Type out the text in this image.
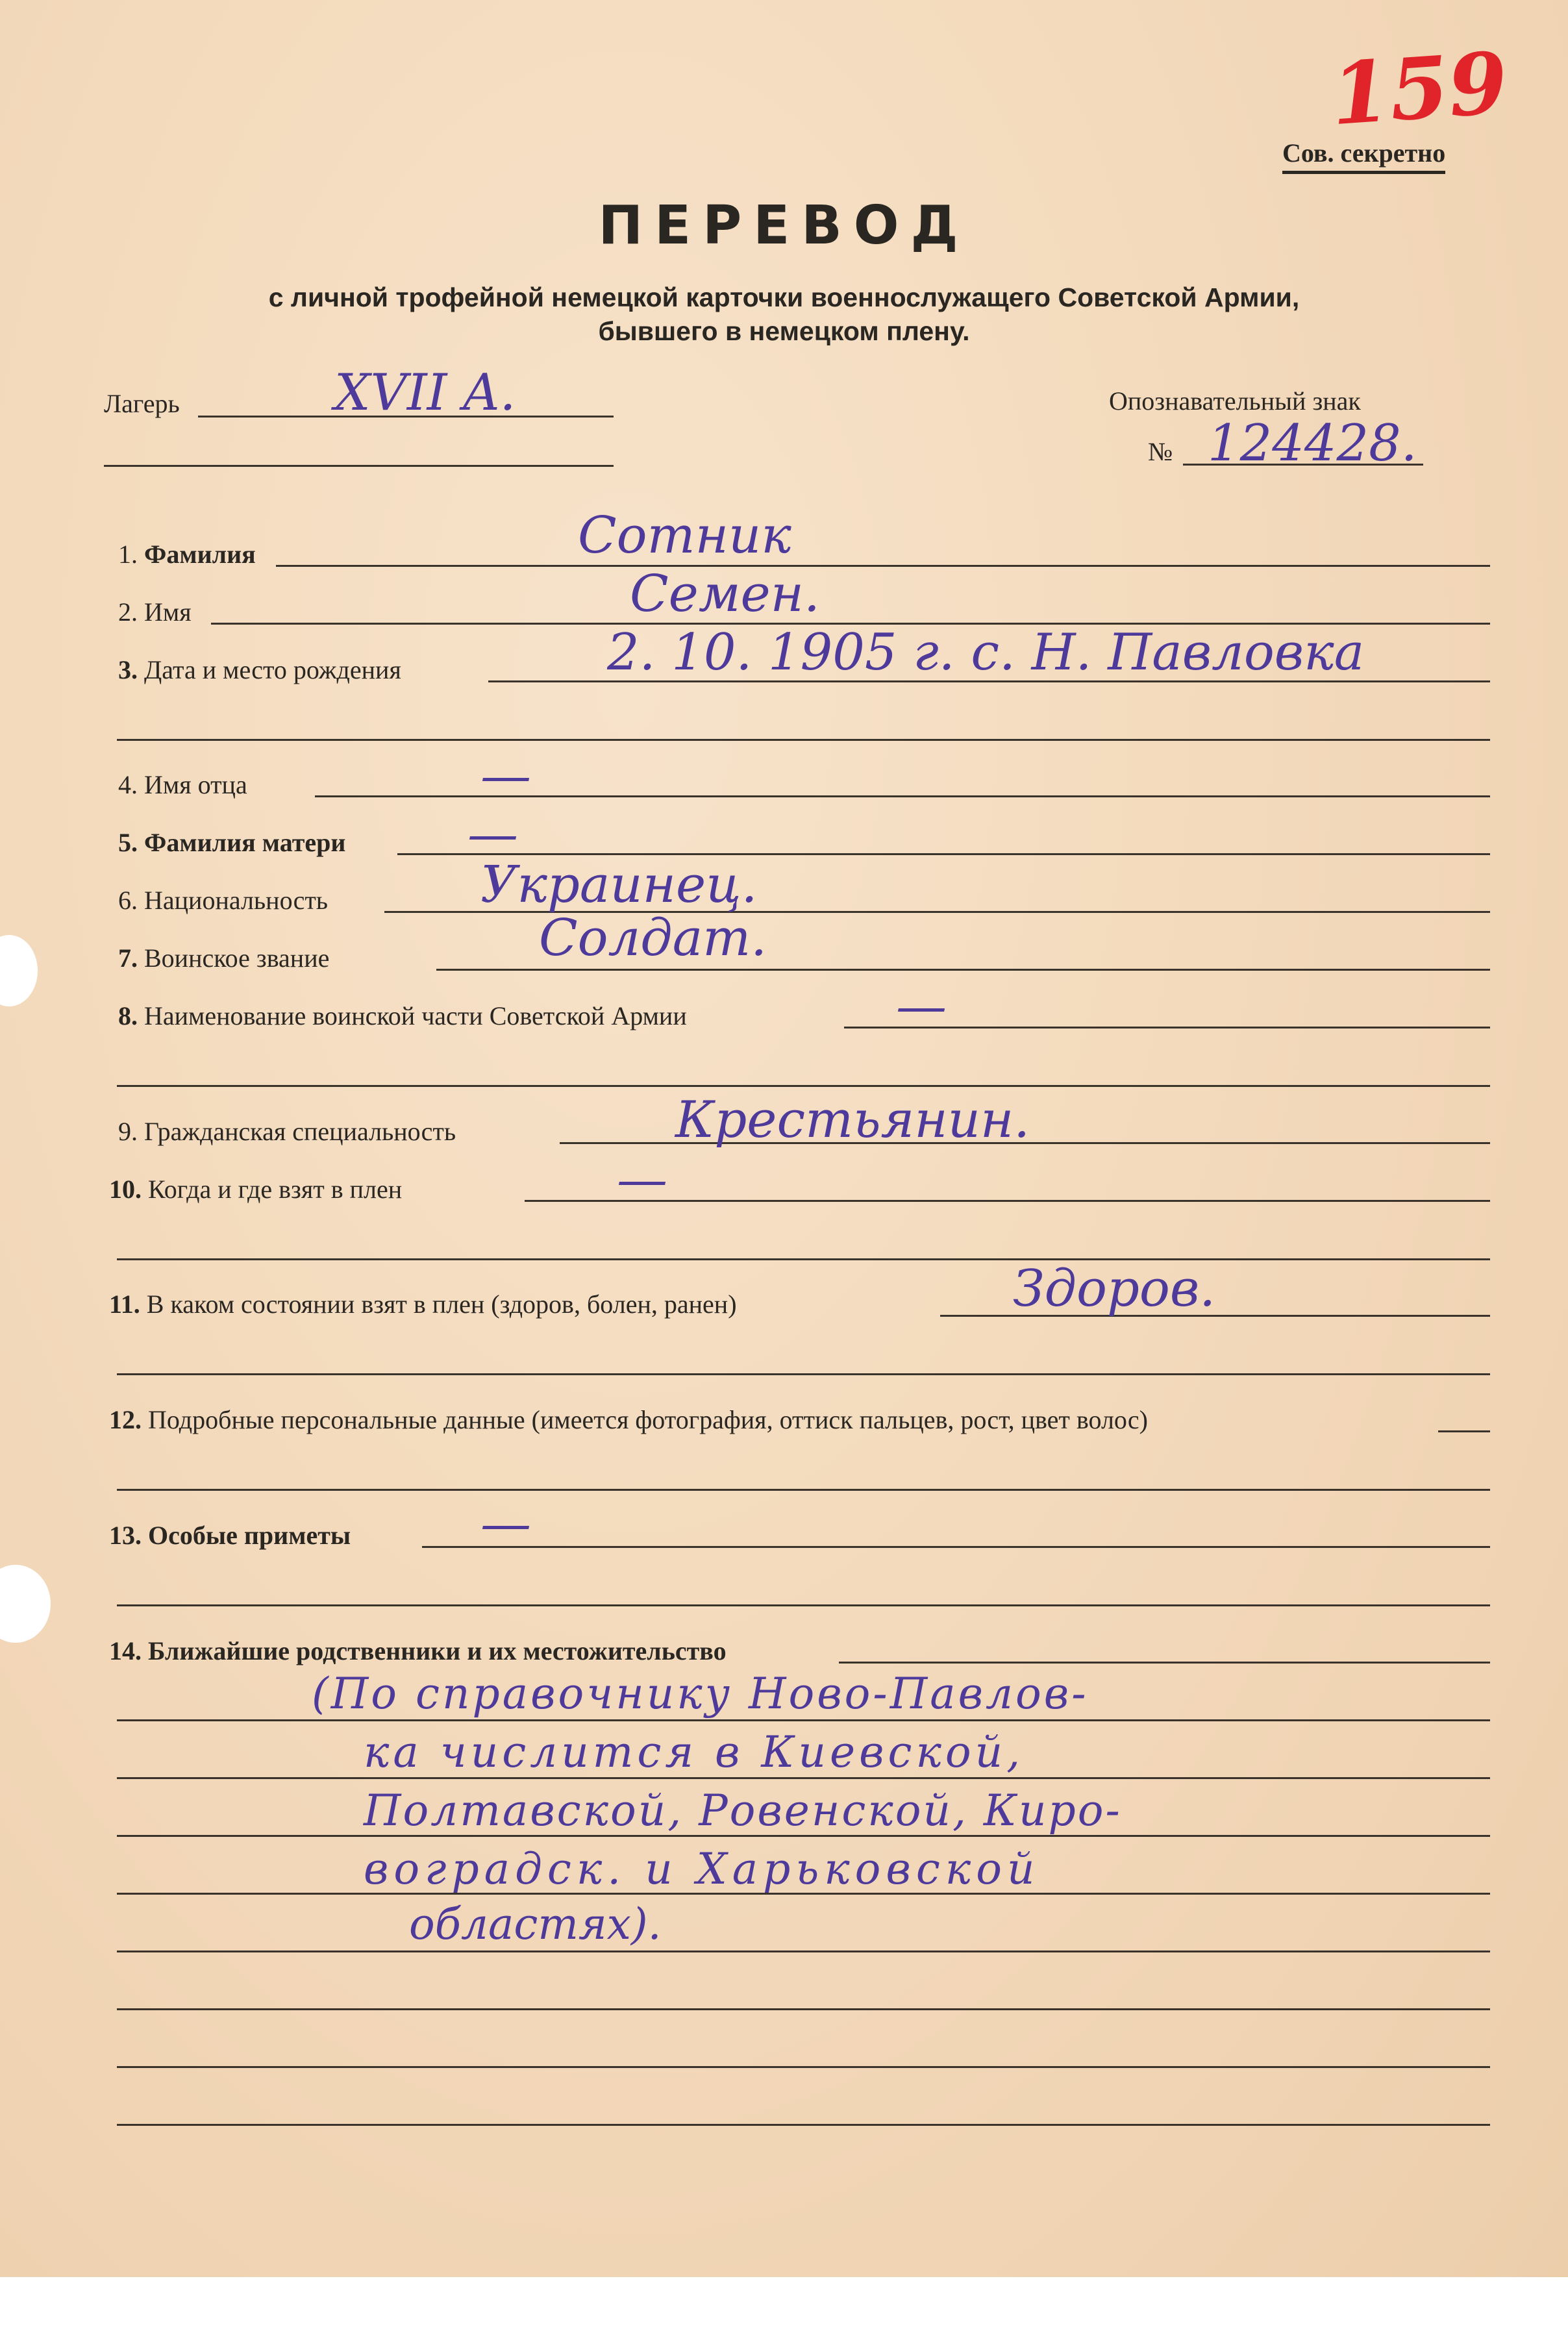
159
Сов. секретно
ПЕРЕВОД
с личной трофейной немецкой карточки военнослужащего Советской Армии,
бывшего в немецком плену.
Лагерь	XVII A.	Опознавательный знак
№ 124428.
1. Фамилия	Сотник
2. Имя	Семен.
3. Дата и место рождения	2. 10. 1905 г. с. Н. Павловка
4. Имя отца	—
5. Фамилия матери —
6. Национальность	Украинец.
7. Воинское звание	Солдат.
8. Наименование воинской части Советской Армии	—
9. Гражданская специальность	Крестьянин.
10. Когда и где взят в плен	—
11. В каком состоянии взят в плен (здоров, болен, ранен)	Здоров.
12. Подробные персональные данные (имеется фотография, оттиск пальцев, рост, цвет волос)
13. Особые приметы	—
14. Ближайшие родственники и их местожительство
(По справочнику Ново-Павлов-
ка числится в Киевской,
Полтавской, Ровенской, Киро-
воградск. и Харьковской
областях).
